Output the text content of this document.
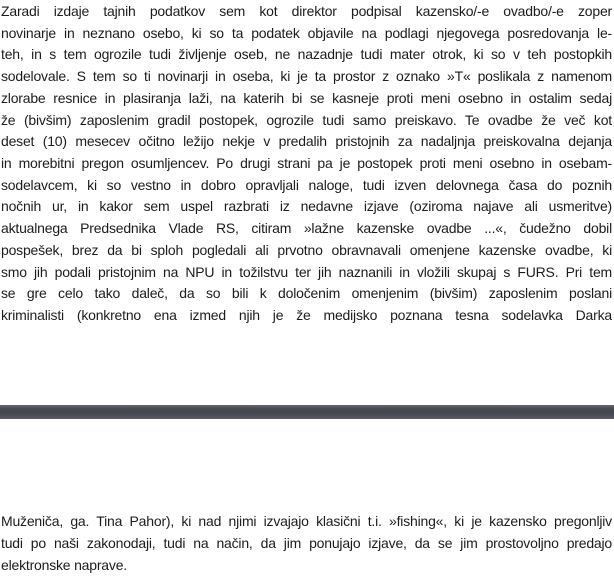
Zaradi izdaje tajnih podatkov sem kot direktor podpisal kazensko/-e ovadbo/-e zoper
novinarje in neznano osebo, ki so ta podatek objavile na podlagi njegovega posredovanja le-
teh, in s tem ogrozile tudi življenje oseb, ne nazadnje tudi mater otrok, ki so v teh postopkih
sodelovale. S tem so ti novinarji in oseba, ki je ta prostor z oznako »T« poslikala z namenom
zlorabe resnice in plasiranja laži, na katerih bi se kasneje proti meni osebno in ostalim sedaj
že (bivšim) zaposlenim gradil postopek, ogrozile tudi samo preiskavo. Te ovadbe že več kot
deset (10) mesecev očitno ležijo nekje v predalih pristojnih za nadaljnja preiskovalna dejanja
in morebitni pregon osumljencev. Po drugi strani pa je postopek proti meni osebno in osebam-
sodelavcem, ki so vestno in dobro opravljali naloge, tudi izven delovnega časa do poznih
nočnih ur, in kakor sem uspel razbrati iz nedavne izjave (oziroma najave ali usmeritve)
aktualnega Predsednika Vlade RS, citiram »lažne kazenske ovadbe ...«, čudežno dobil
pospešek, brez da bi sploh pogledali ali prvotno obravnavali omenjene kazenske ovadbe, ki
smo jih podali pristojnim na NPU in tožilstvu ter jih naznanili in vložili skupaj s FURS. Pri tem
se gre celo tako daleč, da so bili k določenim omenjenim (bivšim) zaposlenim poslani
kriminalisti (konkretno ena izmed njih je že medijsko poznana tesna sodelavka Darka
Muženiča, ga. Tina Pahor), ki nad njimi izvajajo klasični t.i. »fishing«, ki je kazensko pregonljiv
tudi po naši zakonodaji, tudi na način, da jim ponujajo izjave, da se jim prostovoljno predajo
elektronske naprave.
